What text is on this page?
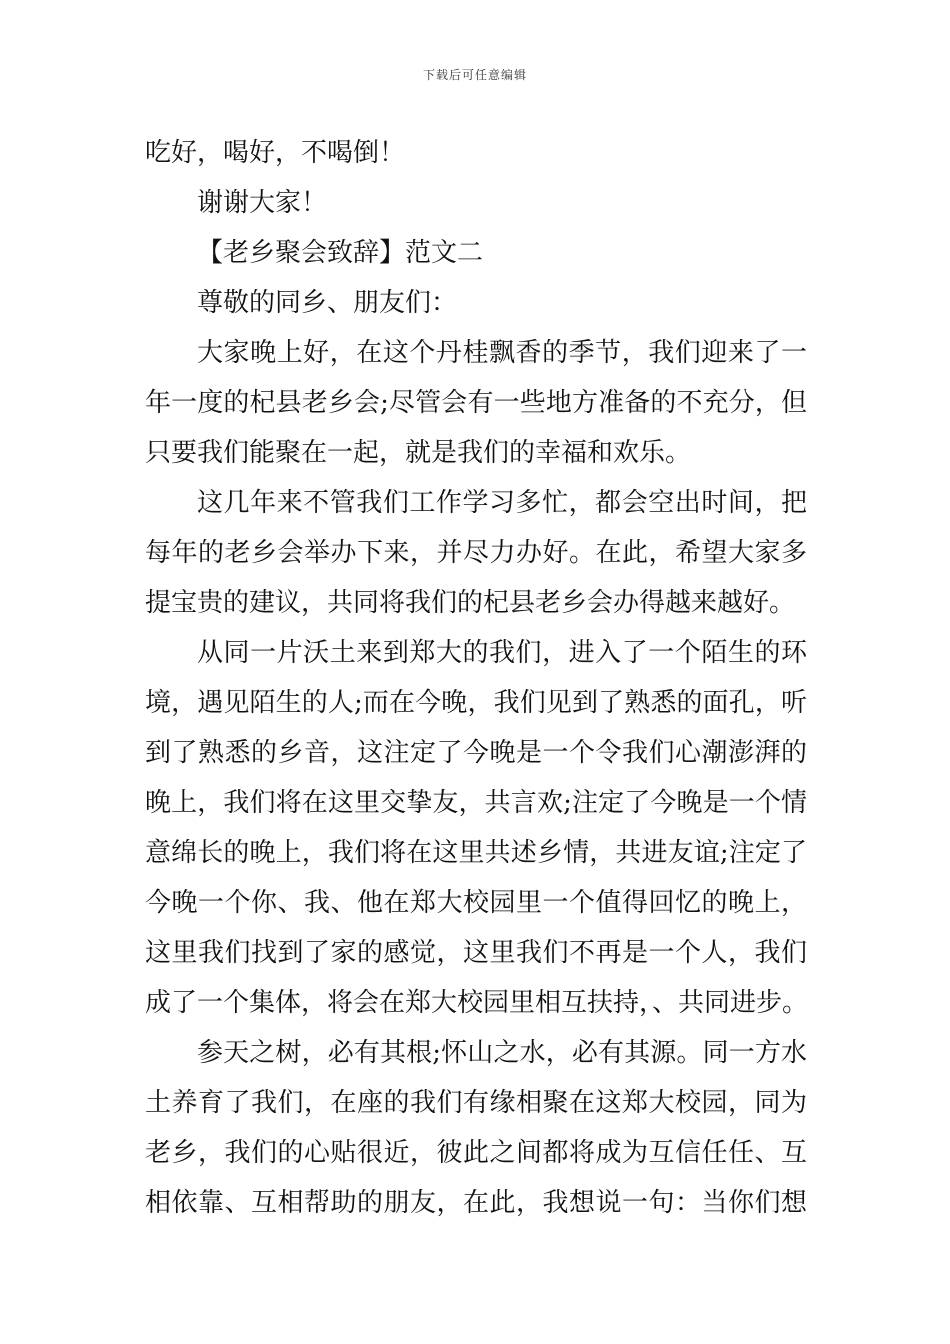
下载后可任意编辑
吃好，喝好，不喝倒！
谢谢大家！
【老乡聚会致辞】范文二
尊敬的同乡、朋友们：
大家晚上好，在这个丹桂飘香的季节，我们迎来了一
年一度的杞县老乡会;尽管会有一些地方准备的不充分，但
只要我们能聚在一起，就是我们的幸福和欢乐。
这几年来不管我们工作学习多忙，都会空出时间，把
每年的老乡会举办下来，并尽力办好。在此，希望大家多
提宝贵的建议，共同将我们的杞县老乡会办得越来越好。
从同一片沃土来到郑大的我们，进入了一个陌生的环
境，遇见陌生的人;而在今晚，我们见到了熟悉的面孔，听
到了熟悉的乡音，这注定了今晚是一个令我们心潮澎湃的
晚上，我们将在这里交挚友，共言欢;注定了今晚是一个情
意绵长的晚上，我们将在这里共述乡情，共进友谊;注定了
今晚一个你、我、他在郑大校园里一个值得回忆的晚上，
这里我们找到了家的感觉，这里我们不再是一个人，我们
成了一个集体，将会在郑大校园里相互扶持，、共同进步。
参天之树，必有其根;怀山之水，必有其源。同一方水
土养育了我们，在座的我们有缘相聚在这郑大校园，同为
老乡，我们的心贴很近，彼此之间都将成为互信任任、互
相依靠、互相帮助的朋友，在此，我想说一句：当你们想
